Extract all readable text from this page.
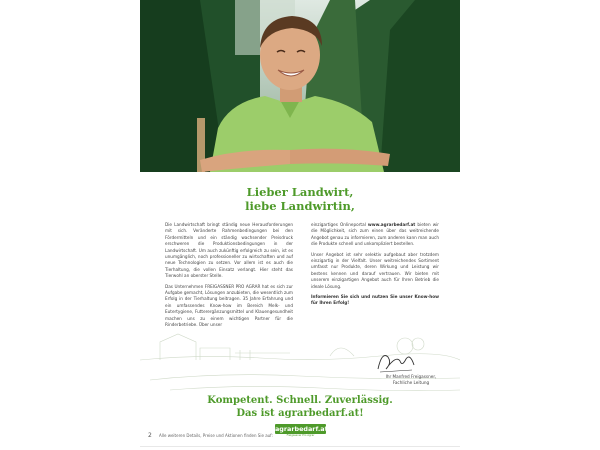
Lieber Landwirt,
liebe Landwirtin,

Die Landwirtschaft bringt ständig neue Herausforderungen mit sich. Veränderte Rahmenbedingungen bei den Fördermitteln und ein ständig wachsender Preisdruck erschweren die Produktionsbedingungen in der Landwirtschaft. Um auch zukünftig erfolgreich zu sein, ist es unumgänglich, noch professioneller zu wirtschaften und auf neue Technologien zu setzen. Vor allem ist es auch die Tierhaltung, die vollen Einsatz verlangt. Hier steht das Tierwohl an oberster Stelle.

Das Unternehmen FREIGASSNER PRO AGRAR hat es sich zur Aufgabe gemacht, Lösungen anzubieten, die wesentlich zum Erfolg in der Tierhaltung beitragen. 35 Jahre Erfahrung und ein umfassendes Know-how im Bereich Melk- und Eutertygiene, Futterergänzungsmittel und Klauengesundheit machen uns zu einem wichtigen Partner für die Rinderbetriebe. Über unser

einzigartiges Onlineportal www.agrarbedarf.at bieten wir die Möglichkeit, sich zum einen über das weitreichende Angebot genau zu informieren, zum anderen kann man auch die Produkte schnell und unkompliziert bestellen.

Unser Angebot ist sehr selektiv aufgebaut aber trotzdem einzigartig in der Vielfalt. Unser weitreichendes Sortiment umfasst nur Produkte, deren Wirkung und Leistung wir bestens kennen und darauf vertrauen. Wir bieten mit unserem einzigartigen Angebot auch für Ihren Betrieb die ideale Lösung.

Informieren Sie sich und nutzen Sie unser Know-how für Ihren Erfolg!

Ihr Manfred Freigassner,
Fachliche Leitung
Kompetent. Schnell. Zuverlässig.
Das ist agrarbedarf.at!
2 Alle weiteren Details, Preise und Aktionen finden Sie auf:
agrarbedarf.at
Freigassner Pro Agrar
